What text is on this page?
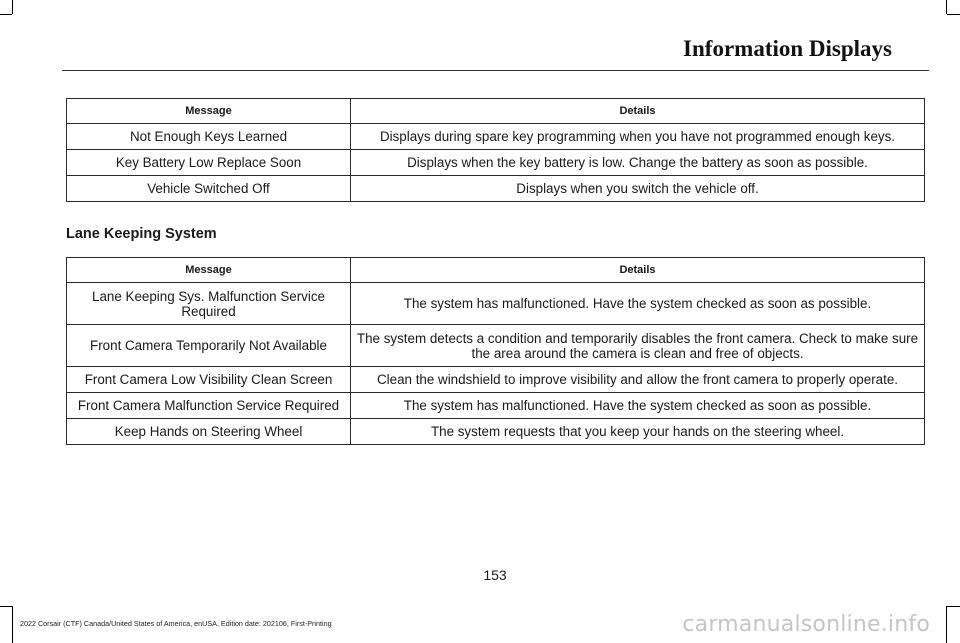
Information Displays
Message	Details
Not Enough Keys Learned	Displays during spare key programming when you have not programmed enough keys.
Key Battery Low Replace Soon	Displays when the key battery is low. Change the battery as soon as possible.
Vehicle Switched Off	Displays when you switch the vehicle off.
Lane Keeping System
Message	Details
Lane Keeping Sys. Malfunction Service Required	The system has malfunctioned. Have the system checked as soon as possible.
Front Camera Temporarily Not Available	The system detects a condition and temporarily disables the front camera. Check to make sure the area around the camera is clean and free of objects.
Front Camera Low Visibility Clean Screen	Clean the windshield to improve visibility and allow the front camera to properly operate.
Front Camera Malfunction Service Required	The system has malfunctioned. Have the system checked as soon as possible.
Keep Hands on Steering Wheel	The system requests that you keep your hands on the steering wheel.
153
2022 Corsair (CTF) Canada/United States of America, enUSA, Edition date: 202106, First-Printing	carmanualsonline.info
